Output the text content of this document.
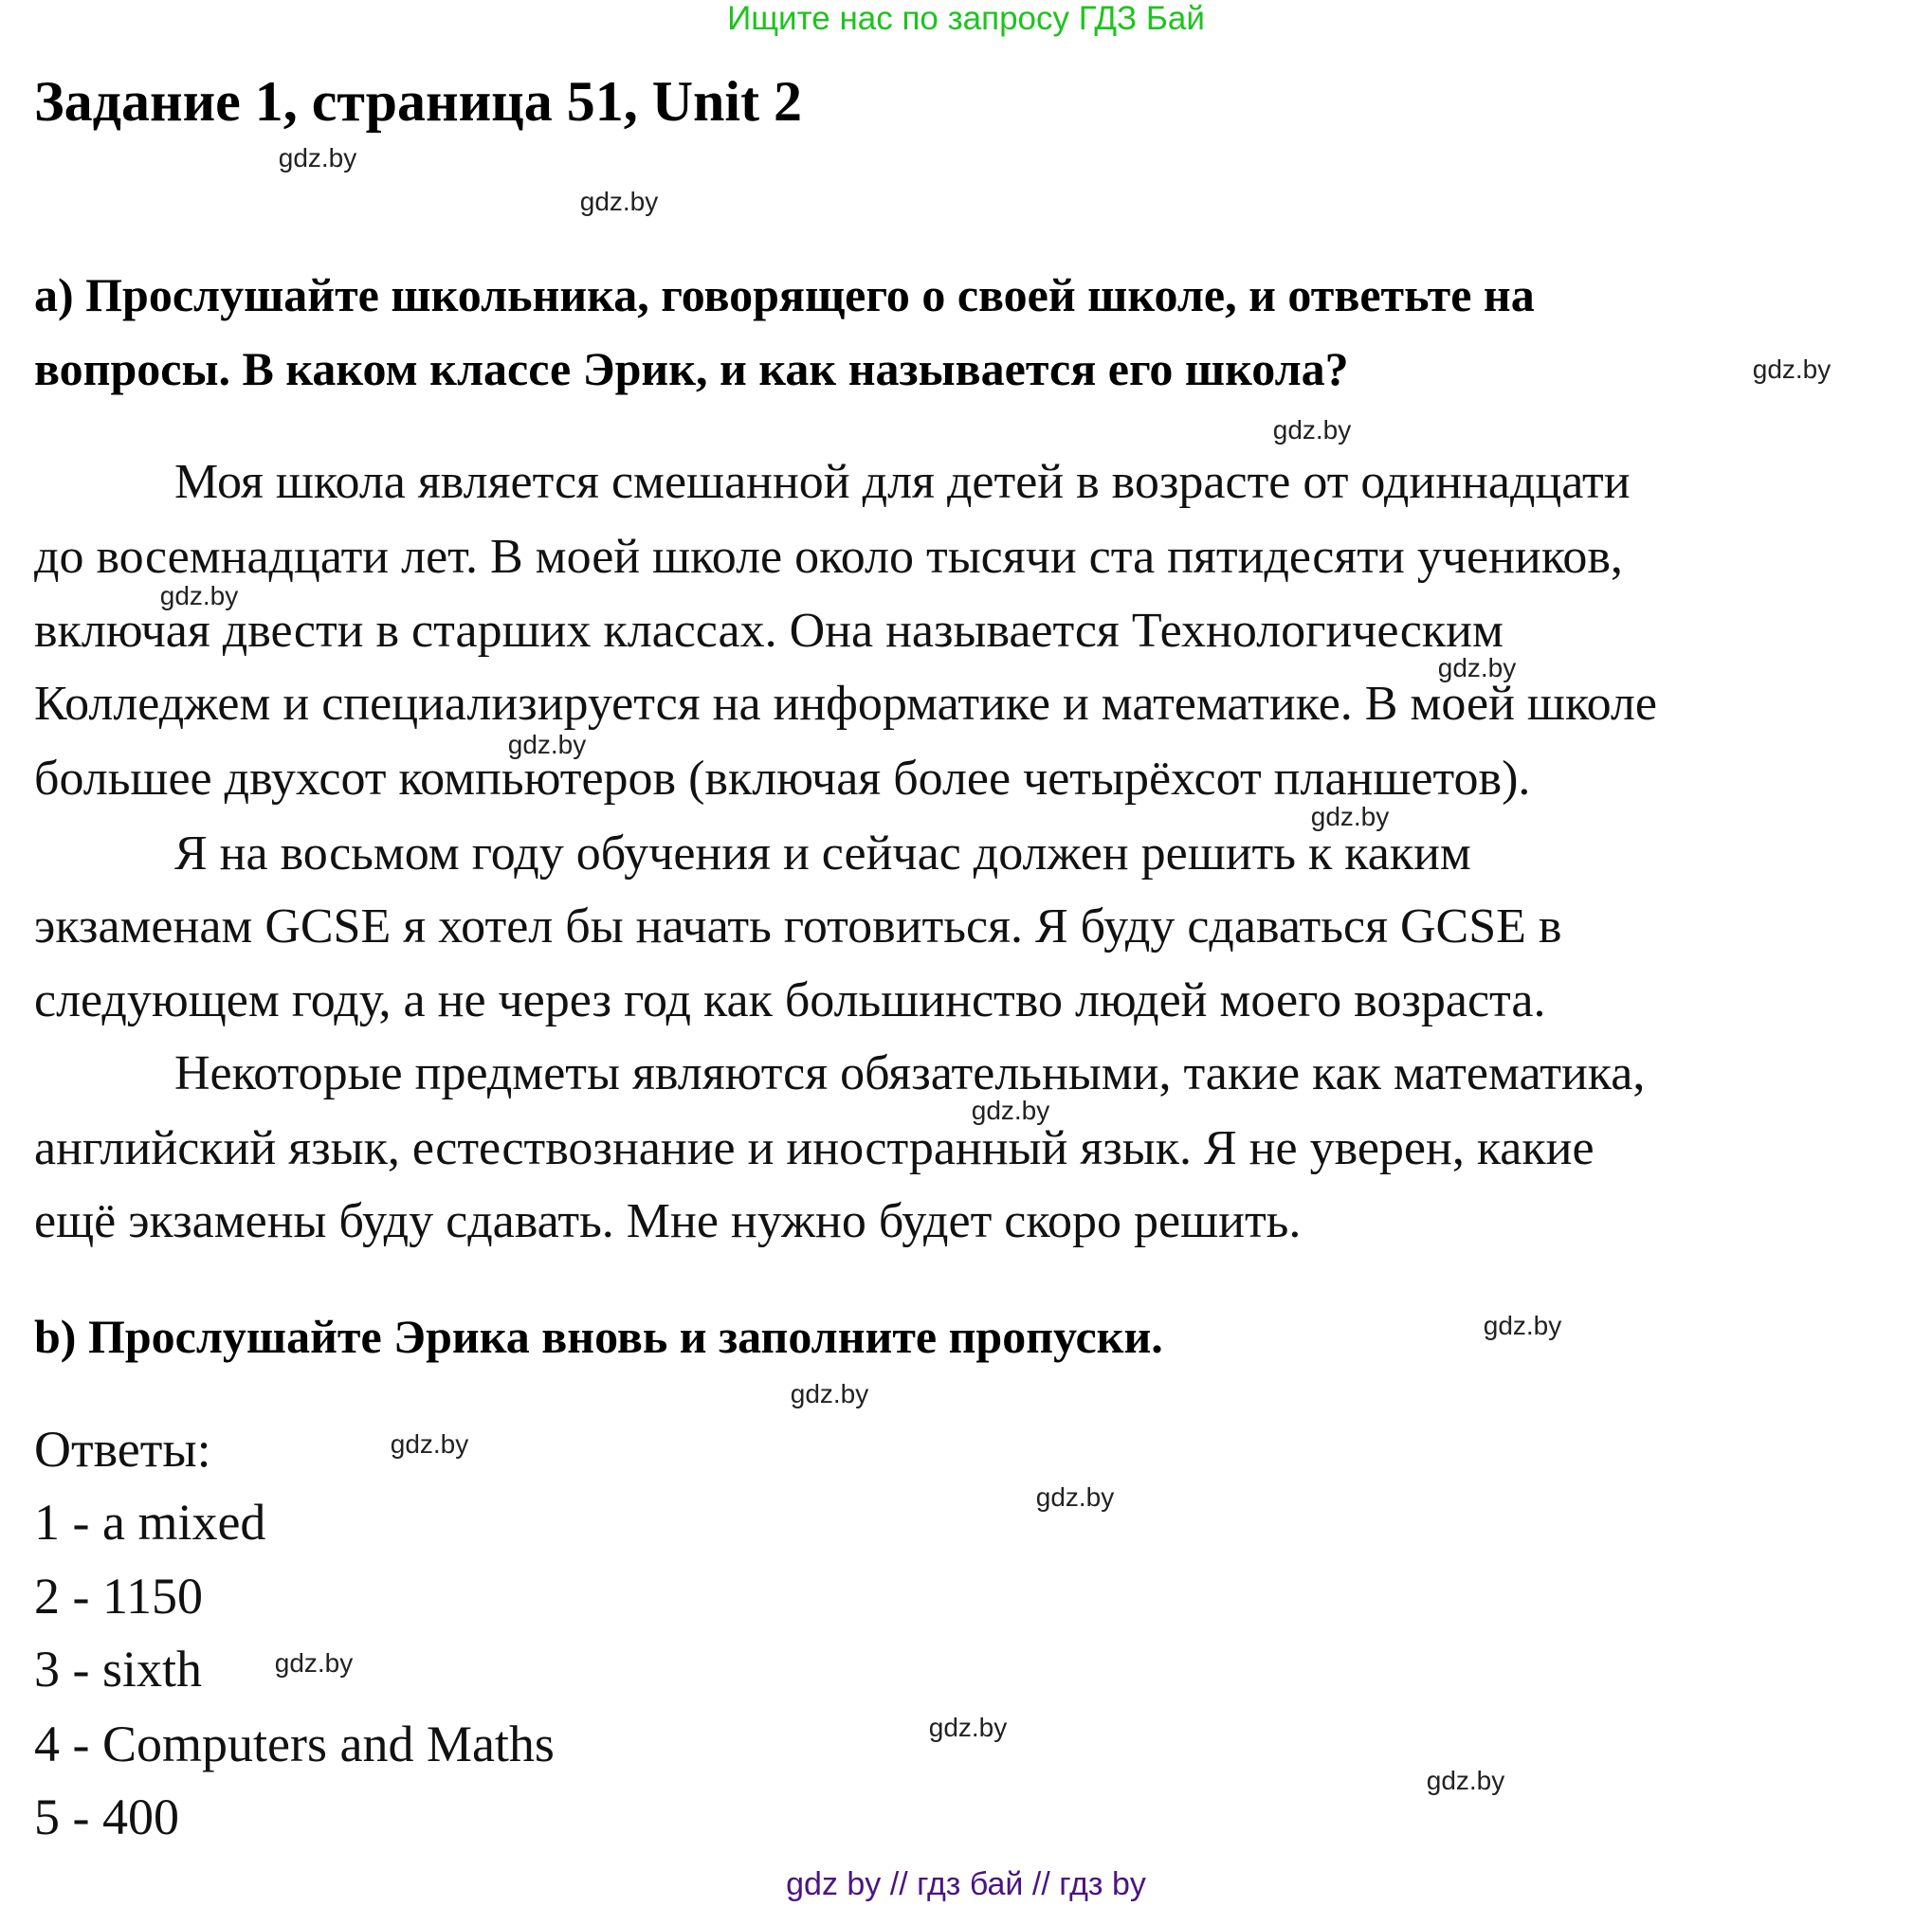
Ищите нас по запросу ГДЗ Бай
Задание 1, страница 51, Unit 2
a) Прослушайте школьника, говорящего о своей школе, и ответьте на
вопросы. В каком классе Эрик, и как называется его школа?
Моя школа является смешанной для детей в возрасте от одиннадцати
до восемнадцати лет. В моей школе около тысячи ста пятидесяти учеников,
включая двести в старших классах. Она называется Технологическим
Колледжем и специализируется на информатике и математике. В моей школе
большее двухсот компьютеров (включая более четырёхсот планшетов).
Я на восьмом году обучения и сейчас должен решить к каким
экзаменам GCSE я хотел бы начать готовиться. Я буду сдаваться GCSE в
следующем году, а не через год как большинство людей моего возраста.
Некоторые предметы являются обязательными, такие как математика,
английский язык, естествознание и иностранный язык. Я не уверен, какие
ещё экзамены буду сдавать. Мне нужно будет скоро решить.
b) Прослушайте Эрика вновь и заполните пропуски.
Ответы:
1 - a mixed
2 - 1150
3 - sixth
4 - Computers and Maths
5 - 400
gdz.by
gdz.by
gdz.by
gdz.by
gdz.by
gdz.by
gdz.by
gdz.by
gdz.by
gdz.by
gdz.by
gdz.by
gdz.by
gdz.by
gdz.by
gdz.by
gdz by // гдз бай // гдз by
